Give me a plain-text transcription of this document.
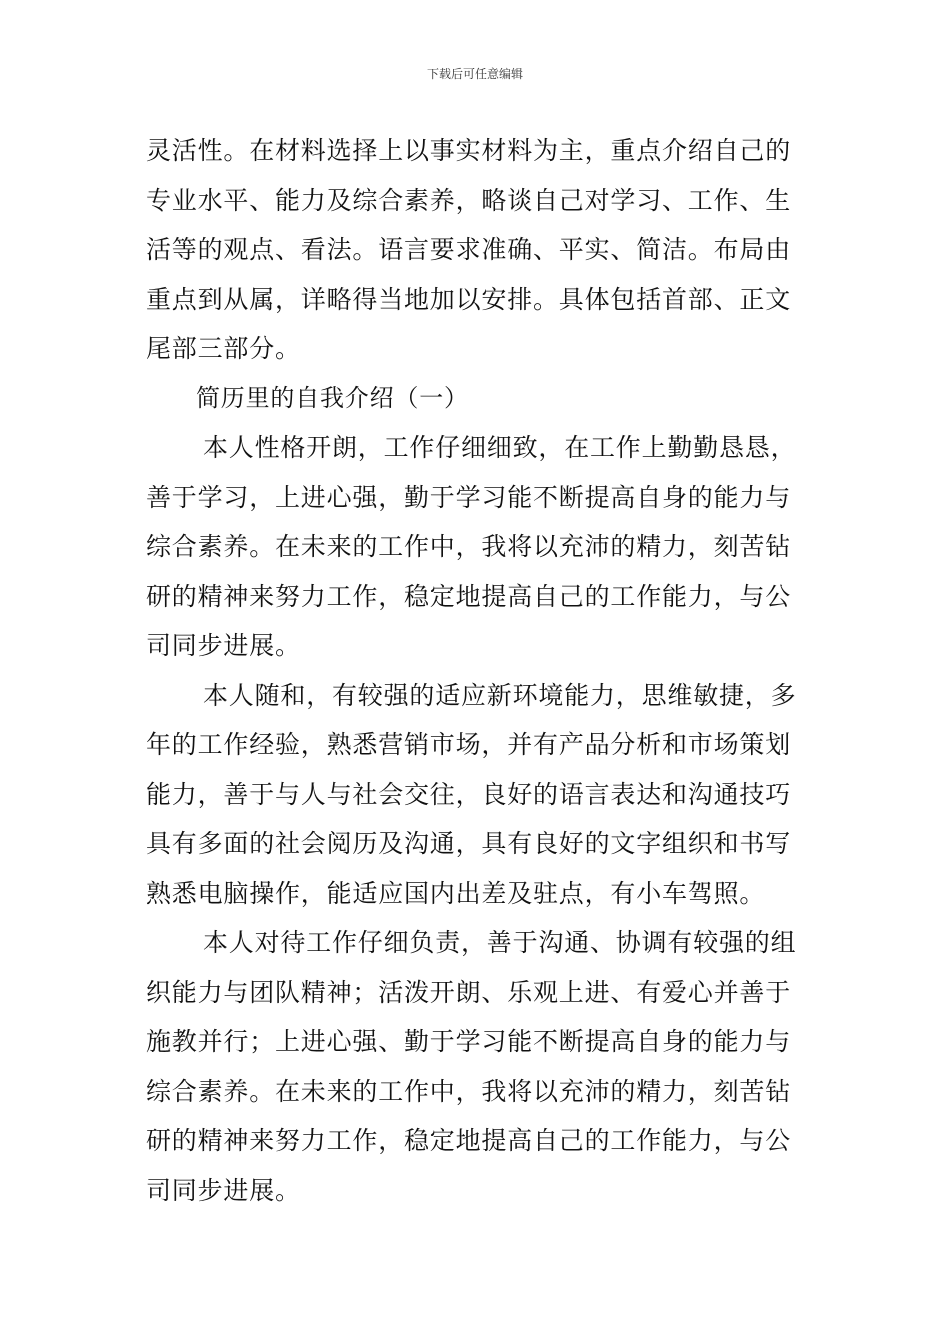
下载后可任意编辑
灵活性。在材料选择上以事实材料为主，重点介绍自己的
专业水平、能力及综合素养，略谈自己对学习、工作、生
活等的观点、看法。语言要求准确、平实、简洁。布局由
重点到从属，详略得当地加以安排。具体包括首部、正文
尾部三部分。
简历里的自我介绍（一）
本人性格开朗，工作仔细细致，在工作上勤勤恳恳，
善于学习，上进心强，勤于学习能不断提高自身的能力与
综合素养。在未来的工作中，我将以充沛的精力，刻苦钻
研的精神来努力工作，稳定地提高自己的工作能力，与公
司同步进展。
本人随和，有较强的适应新环境能力，思维敏捷，多
年的工作经验，熟悉营销市场，并有产品分析和市场策划
能力，善于与人与社会交往，良好的语言表达和沟通技巧
具有多面的社会阅历及沟通，具有良好的文字组织和书写
熟悉电脑操作，能适应国内出差及驻点，有小车驾照。
本人对待工作仔细负责，善于沟通、协调有较强的组
织能力与团队精神；活泼开朗、乐观上进、有爱心并善于
施教并行；上进心强、勤于学习能不断提高自身的能力与
综合素养。在未来的工作中，我将以充沛的精力，刻苦钻
研的精神来努力工作，稳定地提高自己的工作能力，与公
司同步进展。
